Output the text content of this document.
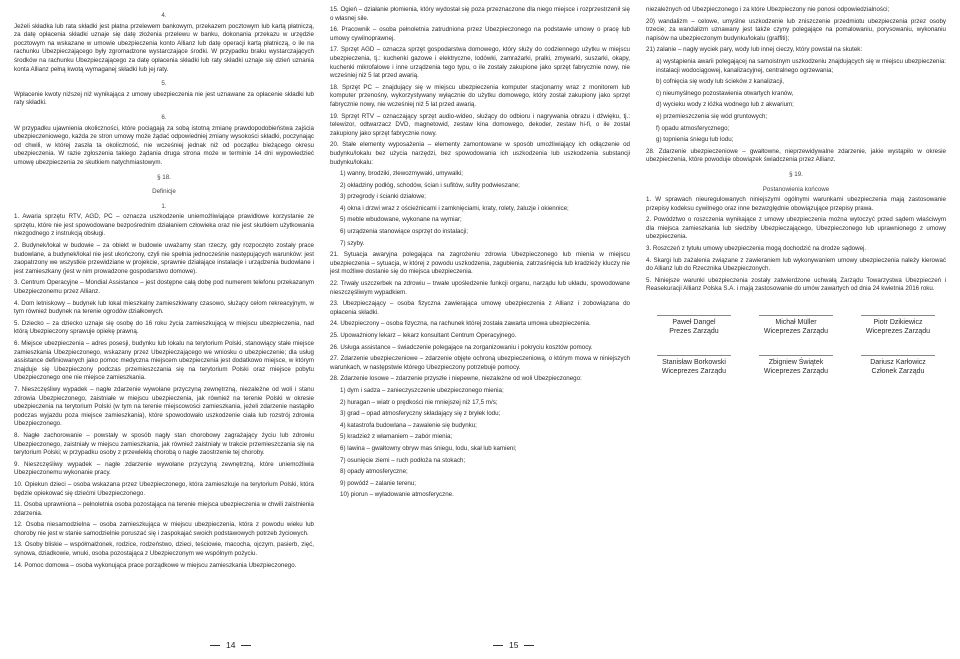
4.
Jeżeli składka lub rata składki jest płatna przelewem bankowym, przekazem pocztowym lub kartą płatniczą, za datę opłacenia składki uznaje się datę złożenia przelewu w banku, dokonania przekazu w urzędzie pocztowym na wskazane w umowie ubezpieczenia konto Allianz lub datę operacji kartą płatniczą, o ile na rachunku Ubezpieczającego były zgromadzone wystarczające środki. W przypadku braku wystarczających środków na rachunku Ubezpieczającego za datę opłacenia składki lub raty składki uznaje się dzień uznania konta Allianz pełną kwotą wymaganej składki lub jej raty.
5.
Wpłacenie kwoty niższej niż wynikająca z umowy ubezpieczenia nie jest uznawane za opłacenie składki lub raty składki.
6.
W przypadku ujawnienia okoliczności, które pociągają za sobą istotną zmianę prawdopodobieństwa zajścia ubezpieczeniowego, każda ze stron umowy może żądać odpowiedniej zmiany wysokości składki, poczynając od chwili, w której zaszła ta okoliczność, nie wcześniej jednak niż od początku bieżącego okresu ubezpieczenia. W razie zgłoszenia takiego żądania druga strona może w terminie 14 dni wypowiedzieć umowę ubezpieczenia ze skutkiem natychmiastowym.
§ 18.
Definicje
1.
1. Awaria sprzętu RTV, AGD, PC – oznacza uszkodzenie uniemożliwiające prawidłowe korzystanie ze sprzętu, które nie jest spowodowane bezpośrednim działaniem człowieka oraz nie jest skutkiem użytkowania niezgodnego z instrukcją obsługi.
2. Budynek/lokal w budowie – za obiekt w budowie uważamy stan rzeczy, gdy rozpoczęto zostały prace budowlane, a budynek/lokal nie jest ukończony, czyli nie spełnia jednocześnie następujących warunków: jest zaopatrzony we wszystkie przewidziane w projekcie, sprawnie działające instalacje i urządzenia budowlane i jest zamieszkany (jest w nim prowadzone gospodarstwo domowe).
3. Centrum Operacyjne – Mondial Assistance – jest dostępne całą dobę pod numerem telefonu przekazanym Ubezpieczonemu przez Allianz.
4. Dom letniskowy – budynek lub lokal mieszkalny zamieszkiwany czasowo, służący celom rekreacyjnym, w tym również budynek na terenie ogrodów działkowych.
5. Dziecko – za dziecko uznaje się osobę do 16 roku życia zamieszkującą w miejscu ubezpieczenia, nad którą Ubezpieczony sprawuje opiekę prawną.
6. Miejsce ubezpieczenia – adres posesji, budynku lub lokalu na terytorium Polski, stanowiący stałe miejsce zamieszkania Ubezpieczonego, wskazany przez Ubezpieczającego we wniosku o ubezpieczenie; dla usług assistance definiowanych jako pomoc medyczna miejscem ubezpieczenia jest dodatkowo miejsce, w którym znajduje się Ubezpieczony podczas przemieszczania się na terytorium Polski oraz miejsce pobytu Ubezpieczonego one nie miejsce zamieszkania.
7. Nieszczęśliwy wypadek – nagłe zdarzenie wywołane przyczyną zewnętrzną, niezależne od woli i stanu zdrowia Ubezpieczonego, zaistniałe w miejscu ubezpieczenia, jak również na terenie Polski w okresie ubezpieczenia na terytorium Polski (w tym na terenie miejscowości zamieszkania, jeżeli zdarzenie nastąpiło podczas wyjazdu poza miejsce zamieszkania), które spowodowało uszkodzenie ciała lub rozstrój zdrowia Ubezpieczonego.
8. Nagłe zachorowanie – powstały w sposób nagły stan chorobowy zagrażający życiu lub zdrowiu Ubezpieczonego, zaistniały w miejscu zamieszkania, jak również zaistniały w trakcie przemieszczania się na terytorium Polski; w przypadku osoby z przewlekłą chorobą o nagłe zaostrzenie tej choroby.
9. Nieszczęśliwy wypadek – nagłe zdarzenie wywołane przyczyną zewnętrzną, które uniemożliwia Ubezpieczonemu wykonanie pracy.
10. Opiekun dzieci – osoba wskazana przez Ubezpieczonego, która zamieszkuje na terytorium Polski, która będzie opiekować się dziećmi Ubezpieczonego.
11. Osoba uprawniona – pełnoletnia osoba pozostająca na terenie miejsca ubezpieczenia w chwili zaistnienia zdarzenia.
12. Osoba niesamodzielna – osoba zamieszkująca w miejscu ubezpieczenia, która z powodu wieku lub choroby nie jest w stanie samodzielnie poruszać się i zaspokajać swoich podstawowych potrzeb życiowych.
13. Osoby bliskie – współmałżonek, rodzice, rodzeństwo, dzieci, teściowie, macocha, ojczym, pasierb, zięć, synowa, dziadkowie, wnuki, osoba pozostająca z Ubezpieczonym we wspólnym pożyciu.
14. Pomoc domowa – osoba wykonująca prace porządkowe w miejscu zamieszkania Ubezpieczonego.
15. Ogień – działanie płomienia, który wydostał się poza przeznaczone dla niego miejsce i rozprzestrzenił się o własnej sile.
16. Pracownik – osoba pełnoletnia zatrudniona przez Ubezpieczonego na podstawie umowy o pracę lub umowy cywilnoprawnej.
17. Sprzęt AGD – oznacza sprzęt gospodarstwa domowego, który służy do codziennego użytku w miejscu ubezpieczenia, tj.: kuchenki gazowe i elektryczne, lodówki, zamrażarki, pralki, zmywarki, suszarki, okapy, kuchenki mikrofalowe i inne urządzenia tego typu, o ile zostały zakupione jako sprzęt fabrycznie nowy, nie wcześniej niż 5 lat przed awarią.
18. Sprzęt PC – znajdujący się w miejscu ubezpieczenia komputer stacjonarny wraz z monitorem lub komputer przenośny, wykorzystywany wyłącznie do użytku domowego, który został zakupiony jako sprzęt fabrycznie nowy, nie wcześniej niż 5 lat przed awarią.
19. Sprzęt RTV – oznaczający sprzęt audio-wideo, służący do odbioru i nagrywania obrazu i dźwięku, tj.: telewizor, odtwarzacz DVD, magnetowid, zestaw kina domowego, dekoder, zestaw hi-fi, o ile został zakupiony jako sprzęt fabrycznie nowy.
20. Stałe elementy wyposażenia – elementy zamontowane w sposób umożliwiający ich odłączenie od budynku/lokalu bez użycia narzędzi, bez spowodowania ich uszkodzenia lub uszkodzenia substancji budynku/lokalu:
1) wanny, brodziki, zlewozmywaki, umywalki;
2) okładziny podłóg, schodów, ścian i sufitów, sufity podwieszane;
3) przegrody i ścianki działowe;
4) okna i drzwi wraz z ościeżnicami i zamknięciami, kraty, rolety, żaluzje i okiennice;
5) meble wbudowane, wykonane na wymiar;
6) urządzenia stanowiące osprzęt do instalacji;
7) szyby.
21. Sytuacja awaryjna polegająca na zagrożeniu zdrowia Ubezpieczonego lub mienia w miejscu ubezpieczenia – sytuacja, w której z powodu uszkodzenia, zagubienia, zatrzaśnięcia lub kradzieży kluczy nie jest możliwe dostanie się do miejsca ubezpieczenia.
22. Trwały uszczerbek na zdrowiu – trwałe upośledzenie funkcji organu, narządu lub układu, spowodowane nieszczęśliwym wypadkiem.
23. Ubezpieczający – osoba fizyczna zawierająca umowę ubezpieczenia z Allianz i zobowiązana do opłacenia składki.
24. Ubezpieczony – osoba fizyczna, na rachunek której została zawarta umowa ubezpieczenia.
25. Upoważniony lekarz – lekarz konsultant Centrum Operacyjnego.
26. Usługa assistance – świadczenie polegające na zorganizowaniu i pokryciu kosztów pomocy.
27. Zdarzenie ubezpieczeniowe – zdarzenie objęte ochroną ubezpieczeniową, o którym mowa w niniejszych warunkach, w następstwie którego Ubezpieczony potrzebuje pomocy.
28. Zdarzenie losowe – zdarzenie przyszłe i niepewne, niezależne od woli Ubezpieczonego:
1) dym i sadza – zanieczyszczenie ubezpieczonego mienia;
2) huragan – wiatr o prędkości nie mniejszej niż 17,5 m/s;
3) grad – opad atmosferyczny składający się z bryłek lodu;
4) katastrofa budowlana – zawalenie się budynku;
5) kradzież z włamaniem – zabór mienia;
6) lawina – gwałtowny obryw mas śniegu, lodu, skał lub kamieni;
7) osunięcie ziemi – ruch podłoża na stokach;
8) opady atmosferyczne;
9) powódź – zalanie terenu;
10) piorun – wyładowanie atmosferyczne.
niezależnych od Ubezpieczonego i za które Ubezpieczony nie ponosi odpowiedzialności;
20) wandalizm – celowe, umyślne uszkodzenie lub zniszczenie przedmiotu ubezpieczenia przez osoby trzecie; za wandalizm uznawany jest także czyny polegające na pomalowaniu, porysowaniu, wykonaniu napisów na ubezpieczonym budynku/lokalu (graffiti);
21) zalanie – nagły wyciek pary, wody lub innej cieczy, który powstał na skutek:
a) wystąpienia awarii polegającej na samoistnym uszkodzeniu znajdujących się w miejscu ubezpieczenia: instalacji wodociągowej, kanalizacyjnej, centralnego ogrzewania;
b) cofnięcia się wody lub ścieków z kanalizacji,
c) nieumyślnego pozostawienia otwartych kranów,
d) wycieku wody z łóżka wodnego lub z akwarium;
e) przemieszczenia się wód gruntowych;
f) opadu atmosferycznego;
g) topnienia śniegu lub lodu;
28. Zdarzenie ubezpieczeniowe – gwałtowne, nieprzewidywalne zdarzenie, jakie wystąpiło w okresie ubezpieczenia, które powoduje obowiązek świadczenia przez Allianz.
§ 19.
Postanowienia końcowe
1. W sprawach nieuregulowanych niniejszymi ogólnymi warunkami ubezpieczenia mają zastosowanie przepisy kodeksu cywilnego oraz inne bezwzględnie obowiązujące przepisy prawa.
2. Powództwo o roszczenia wynikające z umowy ubezpieczenia można wytoczyć przed sądem właściwym dla miejsca zamieszkania lub siedziby Ubezpieczającego, Ubezpieczonego lub uprawnionego z umowy ubezpieczenia.
3. Roszczeń z tytułu umowy ubezpieczenia mogą dochodzić na drodze sądowej.
4. Skargi lub zażalenia związane z zawieraniem lub wykonywaniem umowy ubezpieczenia należy kierować do Allianz lub do Rzecznika Ubezpieczonych.
5. Niniejsze warunki ubezpieczenia zostały zatwierdzone uchwałą Zarządu Towarzystwa Ubezpieczeń i Reasekuracji Allianz Polska S.A. i mają zastosowanie do umów zawartych od dnia 24 kwietnia 2016 roku.
Paweł Dangel
Prezes Zarządu
Michał Müller
Wiceprezes Zarządu
Piotr Dzikiewicz
Wiceprezes Zarządu
Stanisław Borkowski
Wiceprezes Zarządu
Zbigniew Świątek
Wiceprezes Zarządu
Dariusz Karłowicz
Członek Zarządu
14	15
